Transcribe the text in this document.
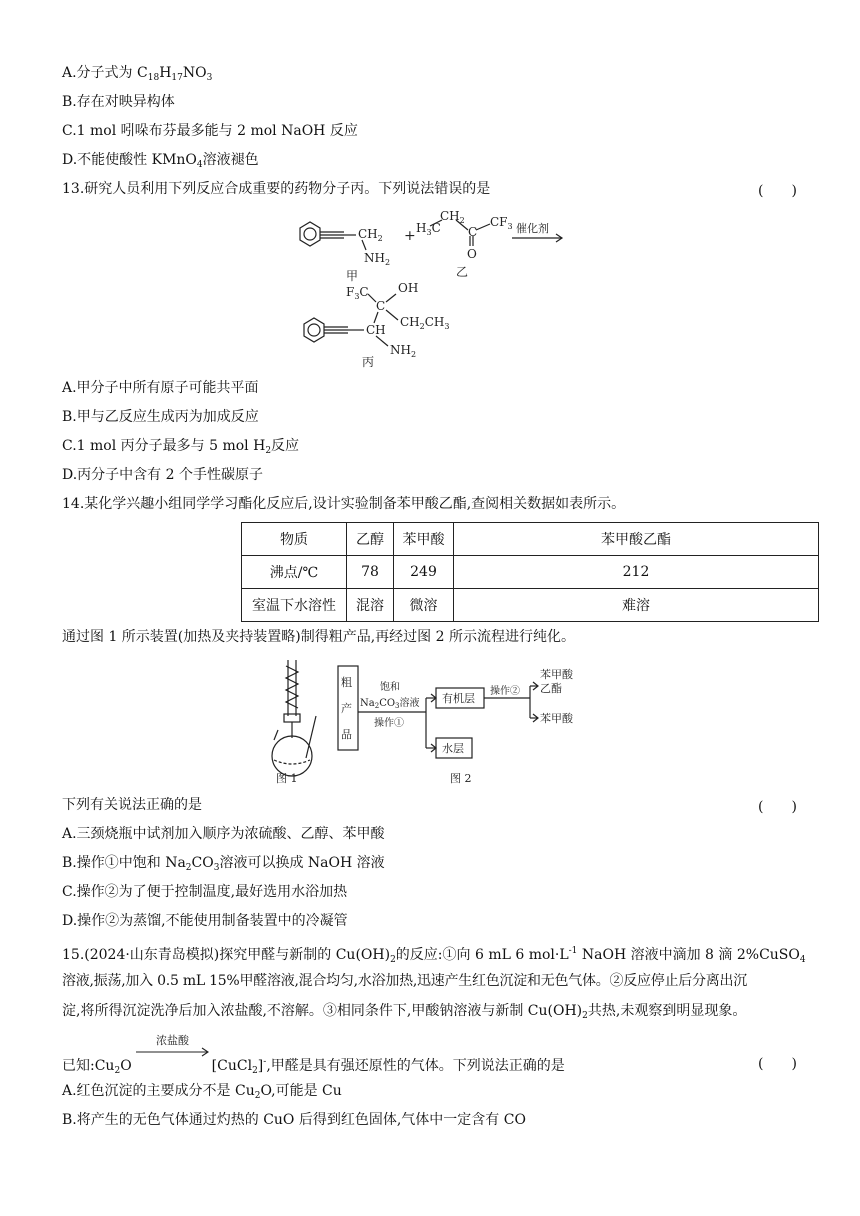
A.分子式为 $C_{18}H_{17}NO_3$
B.存在对映异构体
C.1 mol 吲哚布芬最多能与 2 mol NaOH 反应
D.不能使酸性 KMnO$_4$溶液褪色
13.研究人员利用下列反应合成重要的药物分子丙。下列说法错误的是	(　　)
$CH_2$
$NH_2$
甲
+ $H_3C$
$CH_2$
C
$CF_3$
O
乙
催化剂
$F_3C$ OH
C
CH
$CH_2CH_3$
$NH_2$
丙
A.甲分子中所有原子可能共平面
B.甲与乙反应生成丙为加成反应
C.1 mol 丙分子最多与 5 mol $H_2$反应
D.丙分子中含有 2 个手性碳原子
14.某化学兴趣小组同学学习酯化反应后,设计实验制备苯甲酸乙酯,查阅相关数据如表所示。
物质	乙醇	苯甲酸	苯甲酸乙酯
沸点/℃	78	249	212
室温下水溶性	混溶	微溶	难溶
通过图 1 所示装置(加热及夹持装置略)制得粗产品,再经过图 2 所示流程进行纯化。
图 1
粗
产
品
饱和
$Na_2CO_3$溶液
操作①
有机层
水层
操作②
苯甲酸
乙酯
苯甲酸
图 2
下列有关说法正确的是	(　　)
A.三颈烧瓶中试剂加入顺序为浓硫酸、乙醇、苯甲酸
B.操作①中饱和 $Na_2CO_3$溶液可以换成 NaOH 溶液
C.操作②为了便于控制温度,最好选用水浴加热
D.操作②为蒸馏,不能使用制备装置中的冷凝管
15.(2024·山东青岛模拟)探究甲醛与新制的 $Cu(OH)_2$的反应:①向 6 mL 6 $mol\cdot L^{-1}$ NaOH 溶液中滴加 8 滴 2%CuSO$_4$
溶液,振荡,加入 0.5 mL 15%甲醛溶液,混合均匀,水浴加热,迅速产生红色沉淀和无色气体。②反应停止后分离出沉
淀,将所得沉淀洗净后加入浓盐酸,不溶解。③相同条件下,甲酸钠溶液与新制 $Cu(OH)_2$共热,未观察到明显现象。
已知$:Cu_2O$	[CuCl$_2$]-,甲醛是具有强还原性的气体。下列说法正确的是
浓盐酸
(　　)
A.红色沉淀的主要成分不是 $Cu_2O$,可能是 Cu
B.将产生的无色气体通过灼热的 CuO 后得到红色固体,气体中一定含有 CO
